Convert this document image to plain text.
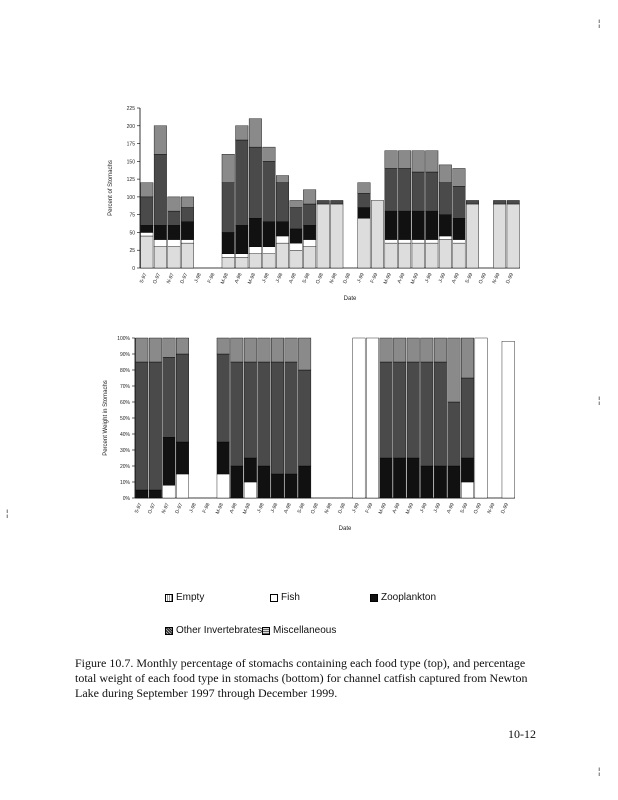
0
25
50
75
100
125
150
175
200
225
S-97 O-97 N-97 D-97 J-98 F-98 M-98 A-98 M-98 J-98 J-98 A-98 S-98 O-98 N-98 D-98 J-99 F-99 M-99 A-99 M-99 J-99 J-99 A-99 S-99 O-99 N-99 D-99
Percent of Stomachs
Date
0%
10%
20%
30%
40%
50%
60%
70%
80%
90%
100%
S-97 O-97 N-97 D-97 J-98 F-98 M-98 A-98 M-98 J-98 J-98 A-98 S-98 O-98 N-98 D-98 J-99 F-99 M-99 A-99 M-99 J-99 J-99 A-99 S-99 O-99 N-99 D-99
Percent Weight in Stomachs
Date
Empty	Fish	Zooplankton
Other Invertebrates Miscellaneous
Figure 10.7. Monthly percentage of stomachs containing each food type (top), and percentage total weight of each food type in stomachs (bottom) for channel catfish captured from Newton Lake during September 1997 through December 1999.
10-12
¦
¦
¦
¦
